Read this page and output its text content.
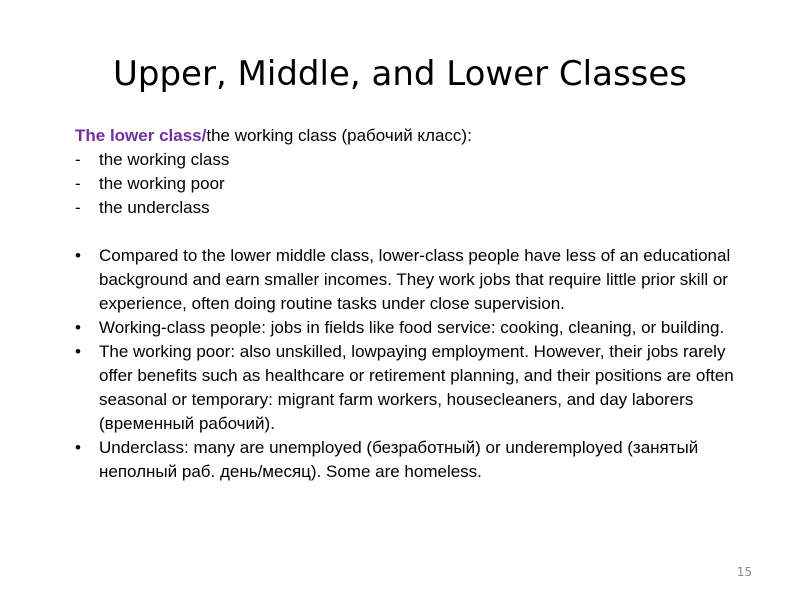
Upper, Middle, and Lower Classes
The lower class/the working class (рабочий класс):
- the working class
- the working poor
- the underclass
• Compared to the lower middle class, lower-class people have less of an educational background and earn smaller incomes. They work jobs that require little prior skill or experience, often doing routine tasks under close supervision.
• Working-class people: jobs in fields like food service: cooking, cleaning, or building.
• The working poor: also unskilled, lowpaying employment. However, their jobs rarely offer benefits such as healthcare or retirement planning, and their positions are often seasonal or temporary: migrant farm workers, housecleaners, and day laborers (временный рабочий).
• Underclass: many are unemployed (безработный) or underemployed (занятый неполный раб. день/месяц). Some are homeless.
15
